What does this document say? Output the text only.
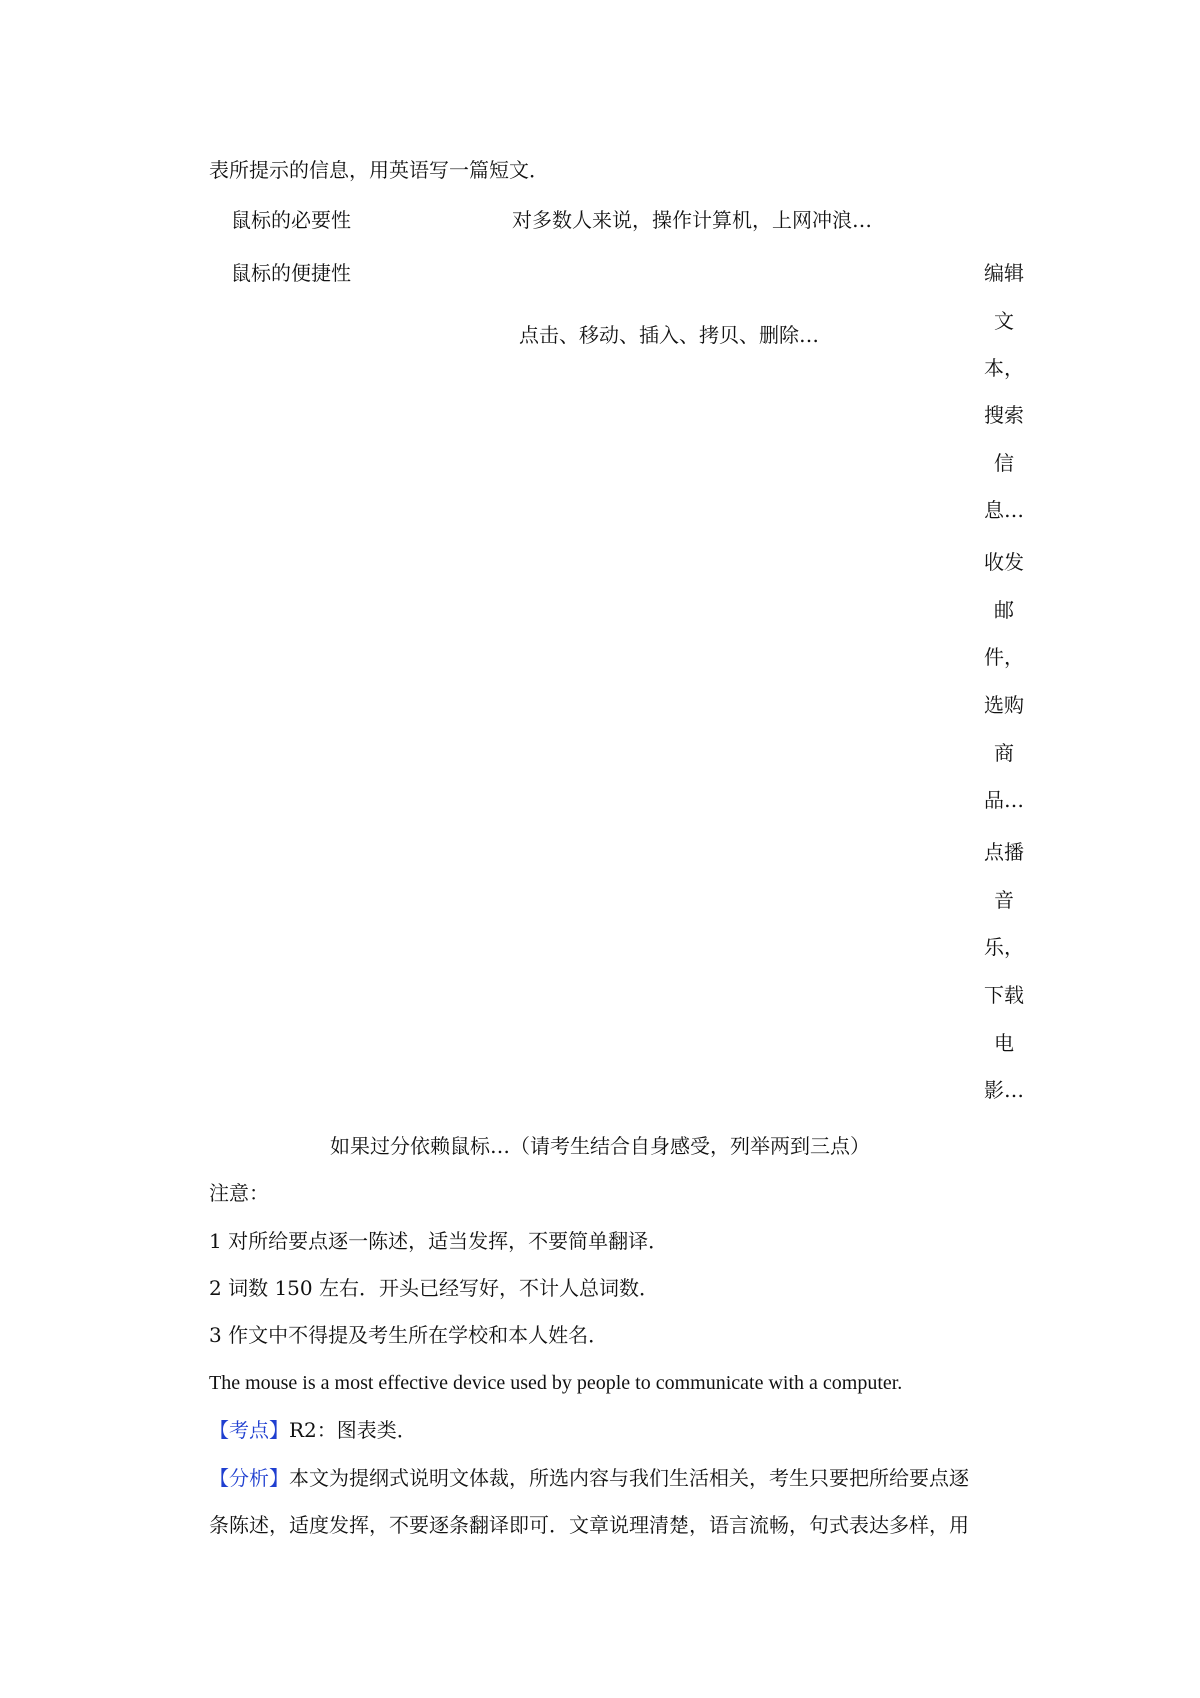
表所提示的信息，用英语写一篇短文．
鼠标的必要性	对多数人来说，操作计算机，上网冲浪…
鼠标的便捷性
点击、移动、插入、拷贝、删除…
编辑
文
本，
搜索
信
息…
收发
邮
件，
选购
商
品…
点播
音
乐，
下载
电
影…
如果过分依赖鼠标…（请考生结合自身感受，列举两到三点）
注意：
1 对所给要点逐一陈述，适当发挥，不要简单翻译．
2 词数 150 左右．开头已经写好，不计人总词数．
3 作文中不得提及考生所在学校和本人姓名．
The mouse is a most effective device used by people to communicate with a computer.
【考点】R2：图表类．
【分析】本文为提纲式说明文体裁，所选内容与我们生活相关，考生只要把所给要点逐
条陈述，适度发挥，不要逐条翻译即可．文章说理清楚，语言流畅，句式表达多样，用
